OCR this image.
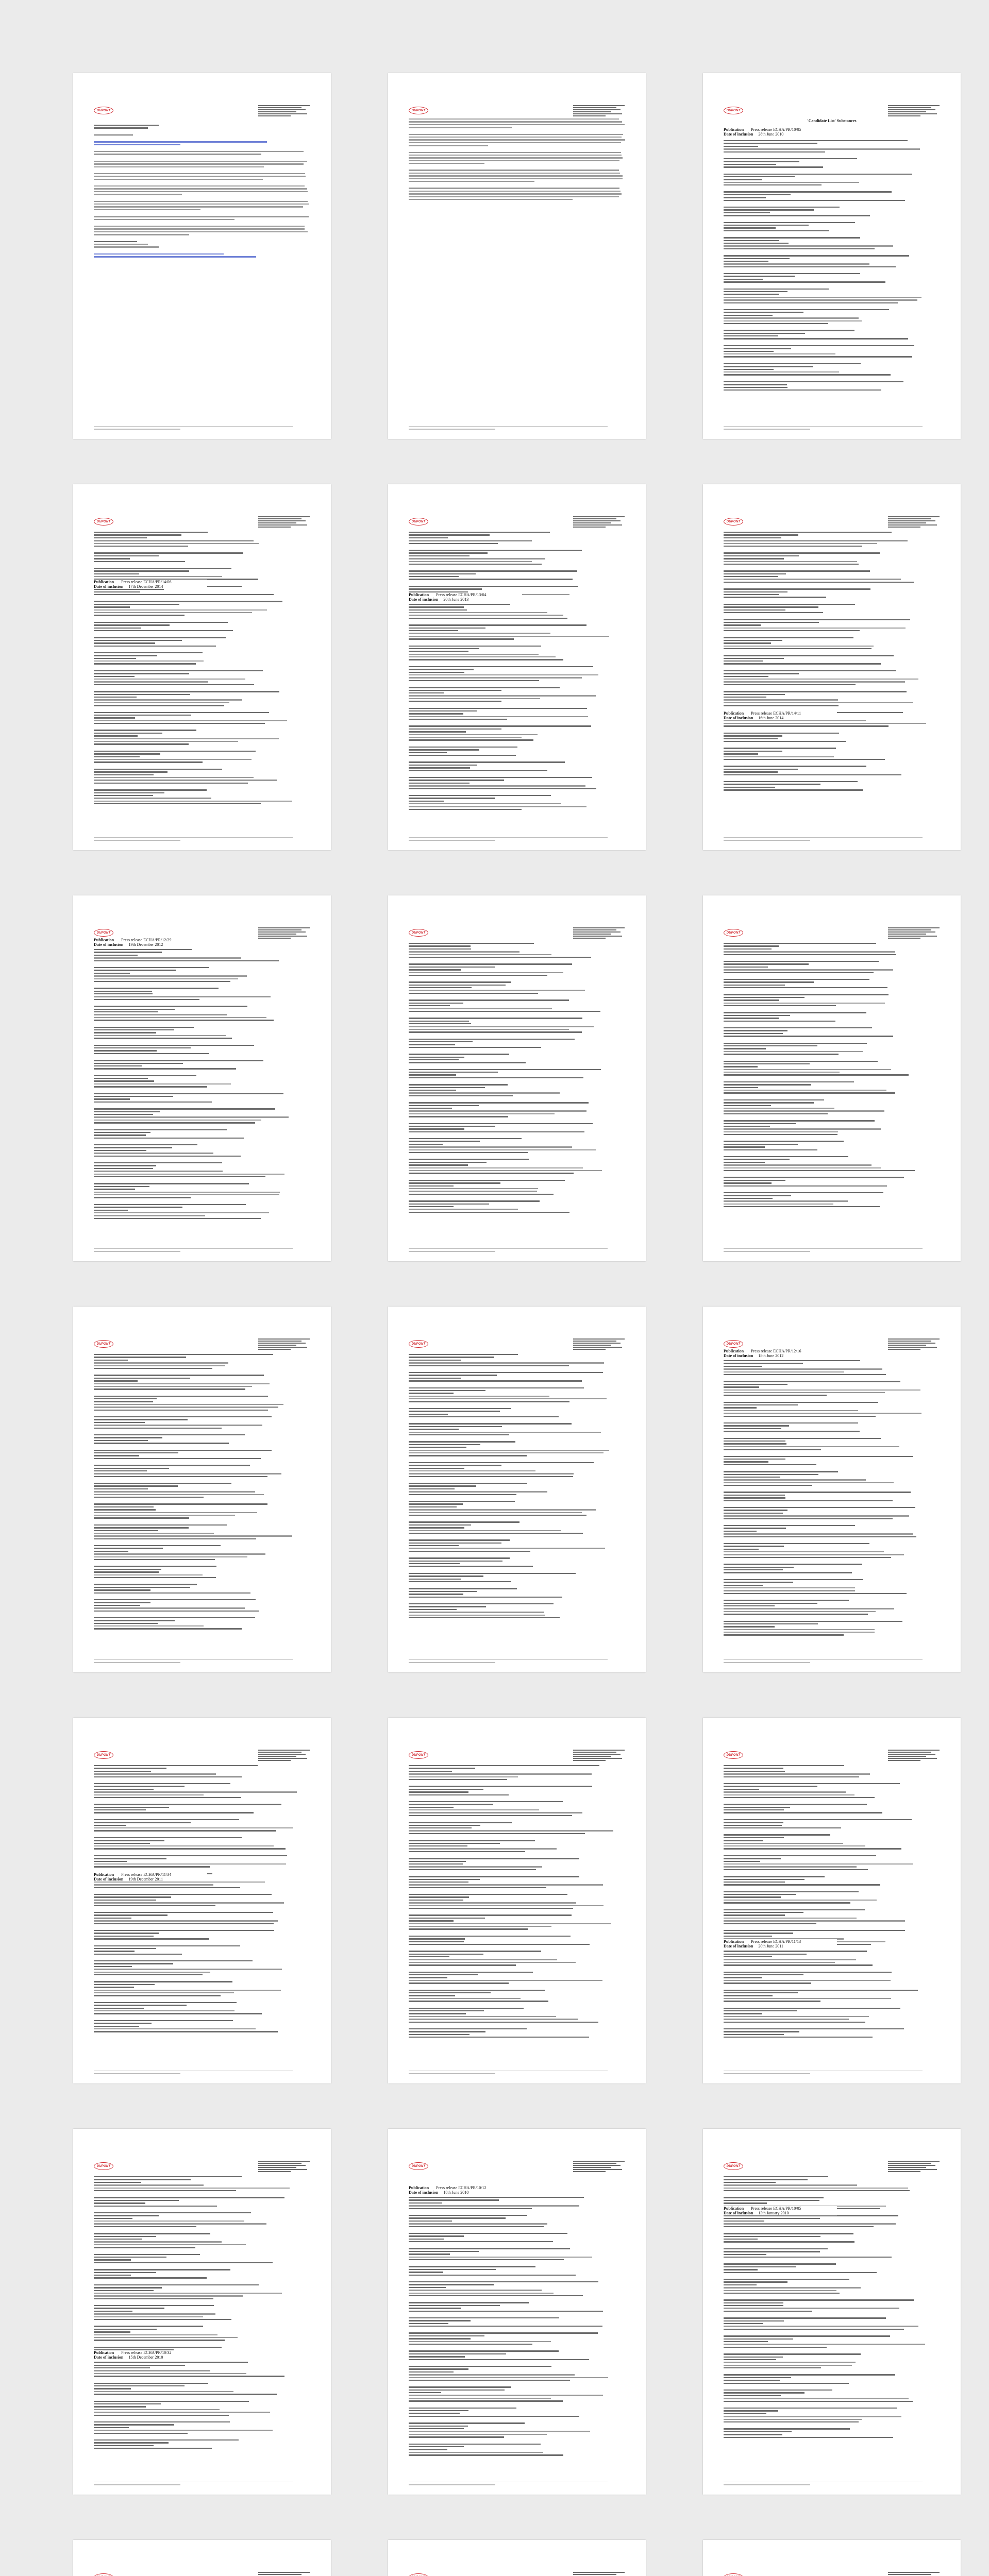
DUPONT	DUPONT	DUPONT
'Candidate List' Substances
Publication Press release ECHA/PR/10/05
Date of inclusion 28th June 2010
DUPONT
Publication Press release ECHA/PR/14/06
Date of inclusion 17th December 2014
DUPONT
Publication Press release ECHA/PR/13/04
Date of inclusion 20th June 2013
DUPONT
Publication Press release ECHA/PR/14/11
Date of inclusion 16th June 2014
DUPONT
Publication Press release ECHA/PR/12/29
Date of inclusion 19th December 2012
DUPONT	DUPONT
DUPONT	DUPONT	DUPONT
Publication Press release ECHA/PR/12/16
Date of inclusion 18th June 2012
DUPONT
Publication Press release ECHA/PR/11/34
Date of inclusion 19th December 2011
DUPONT	DUPONT
Publication Press release ECHA/PR/11/13
Date of inclusion 20th June 2011
DUPONT
Publication Press release ECHA/PR/10/32
Date of inclusion 15th December 2010
DUPONT
Publication Press release ECHA/PR/10/12
Date of inclusion 18th June 2010
DUPONT
Publication Press release ECHA/PR/10/05
Date of inclusion 13th January 2010
